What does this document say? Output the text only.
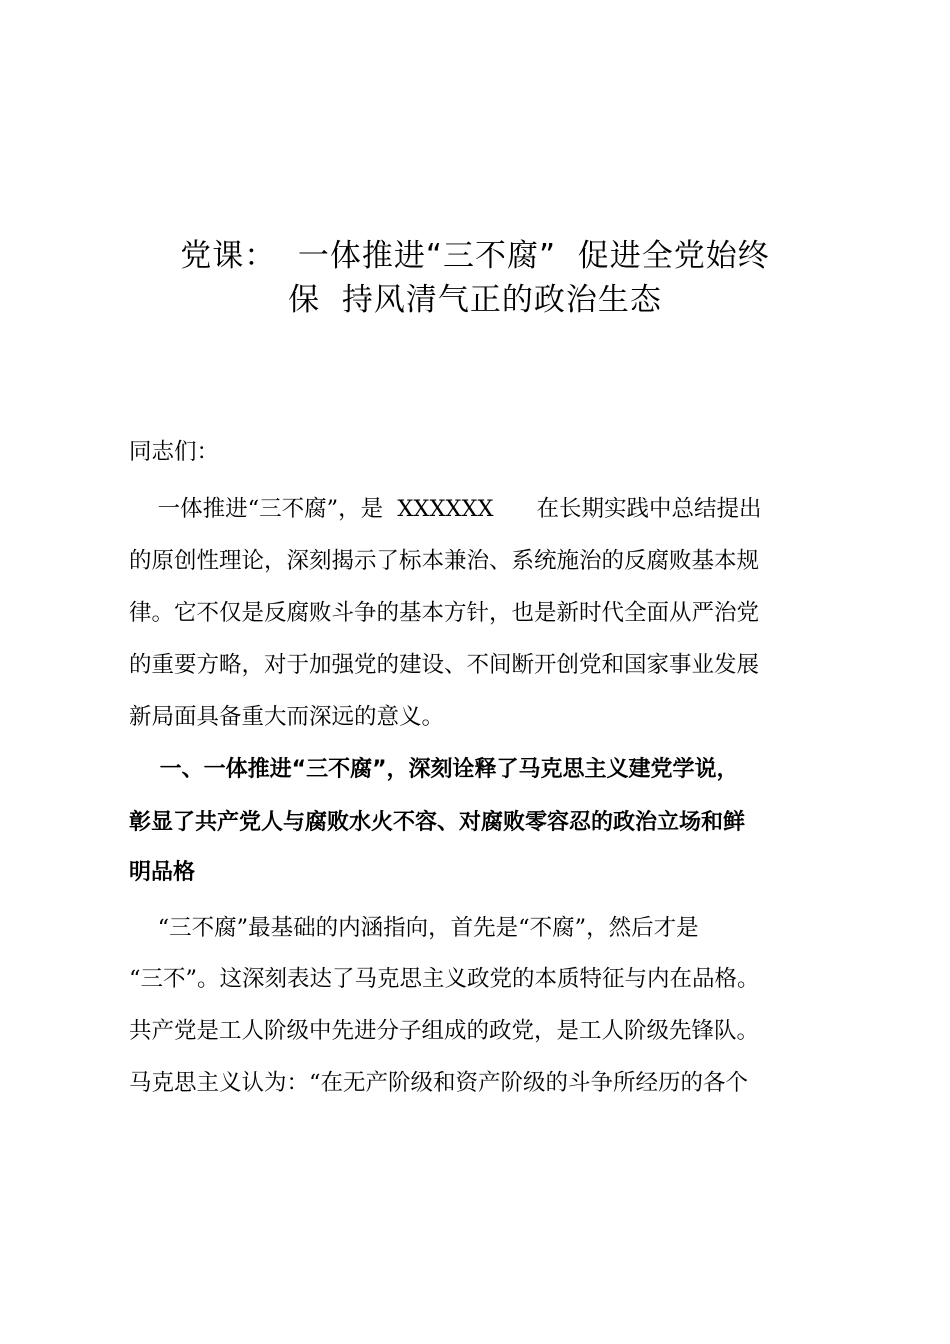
党课：  一体推进“三不腐”  促进全党始终
保  持风清气正的政治生态
同志们：
一体推进“三不腐”，是  XXXXXX      在长期实践中总结提出
的原创性理论，深刻揭示了标本兼治、系统施治的反腐败基本规
律。它不仅是反腐败斗争的基本方针，也是新时代全面从严治党
的重要方略，对于加强党的建设、不间断开创党和国家事业发展
新局面具备重大而深远的意义。
一、一体推进“三不腐”，深刻诠释了马克思主义建党学说，
彰显了共产党人与腐败水火不容、对腐败零容忍的政治立场和鲜
明品格
“三不腐”最基础的内涵指向，首先是“不腐”，然后才是
“三不”。这深刻表达了马克思主义政党的本质特征与内在品格。
共产党是工人阶级中先进分子组成的政党，是工人阶级先锋队。
马克思主义认为：“在无产阶级和资产阶级的斗争所经历的各个
